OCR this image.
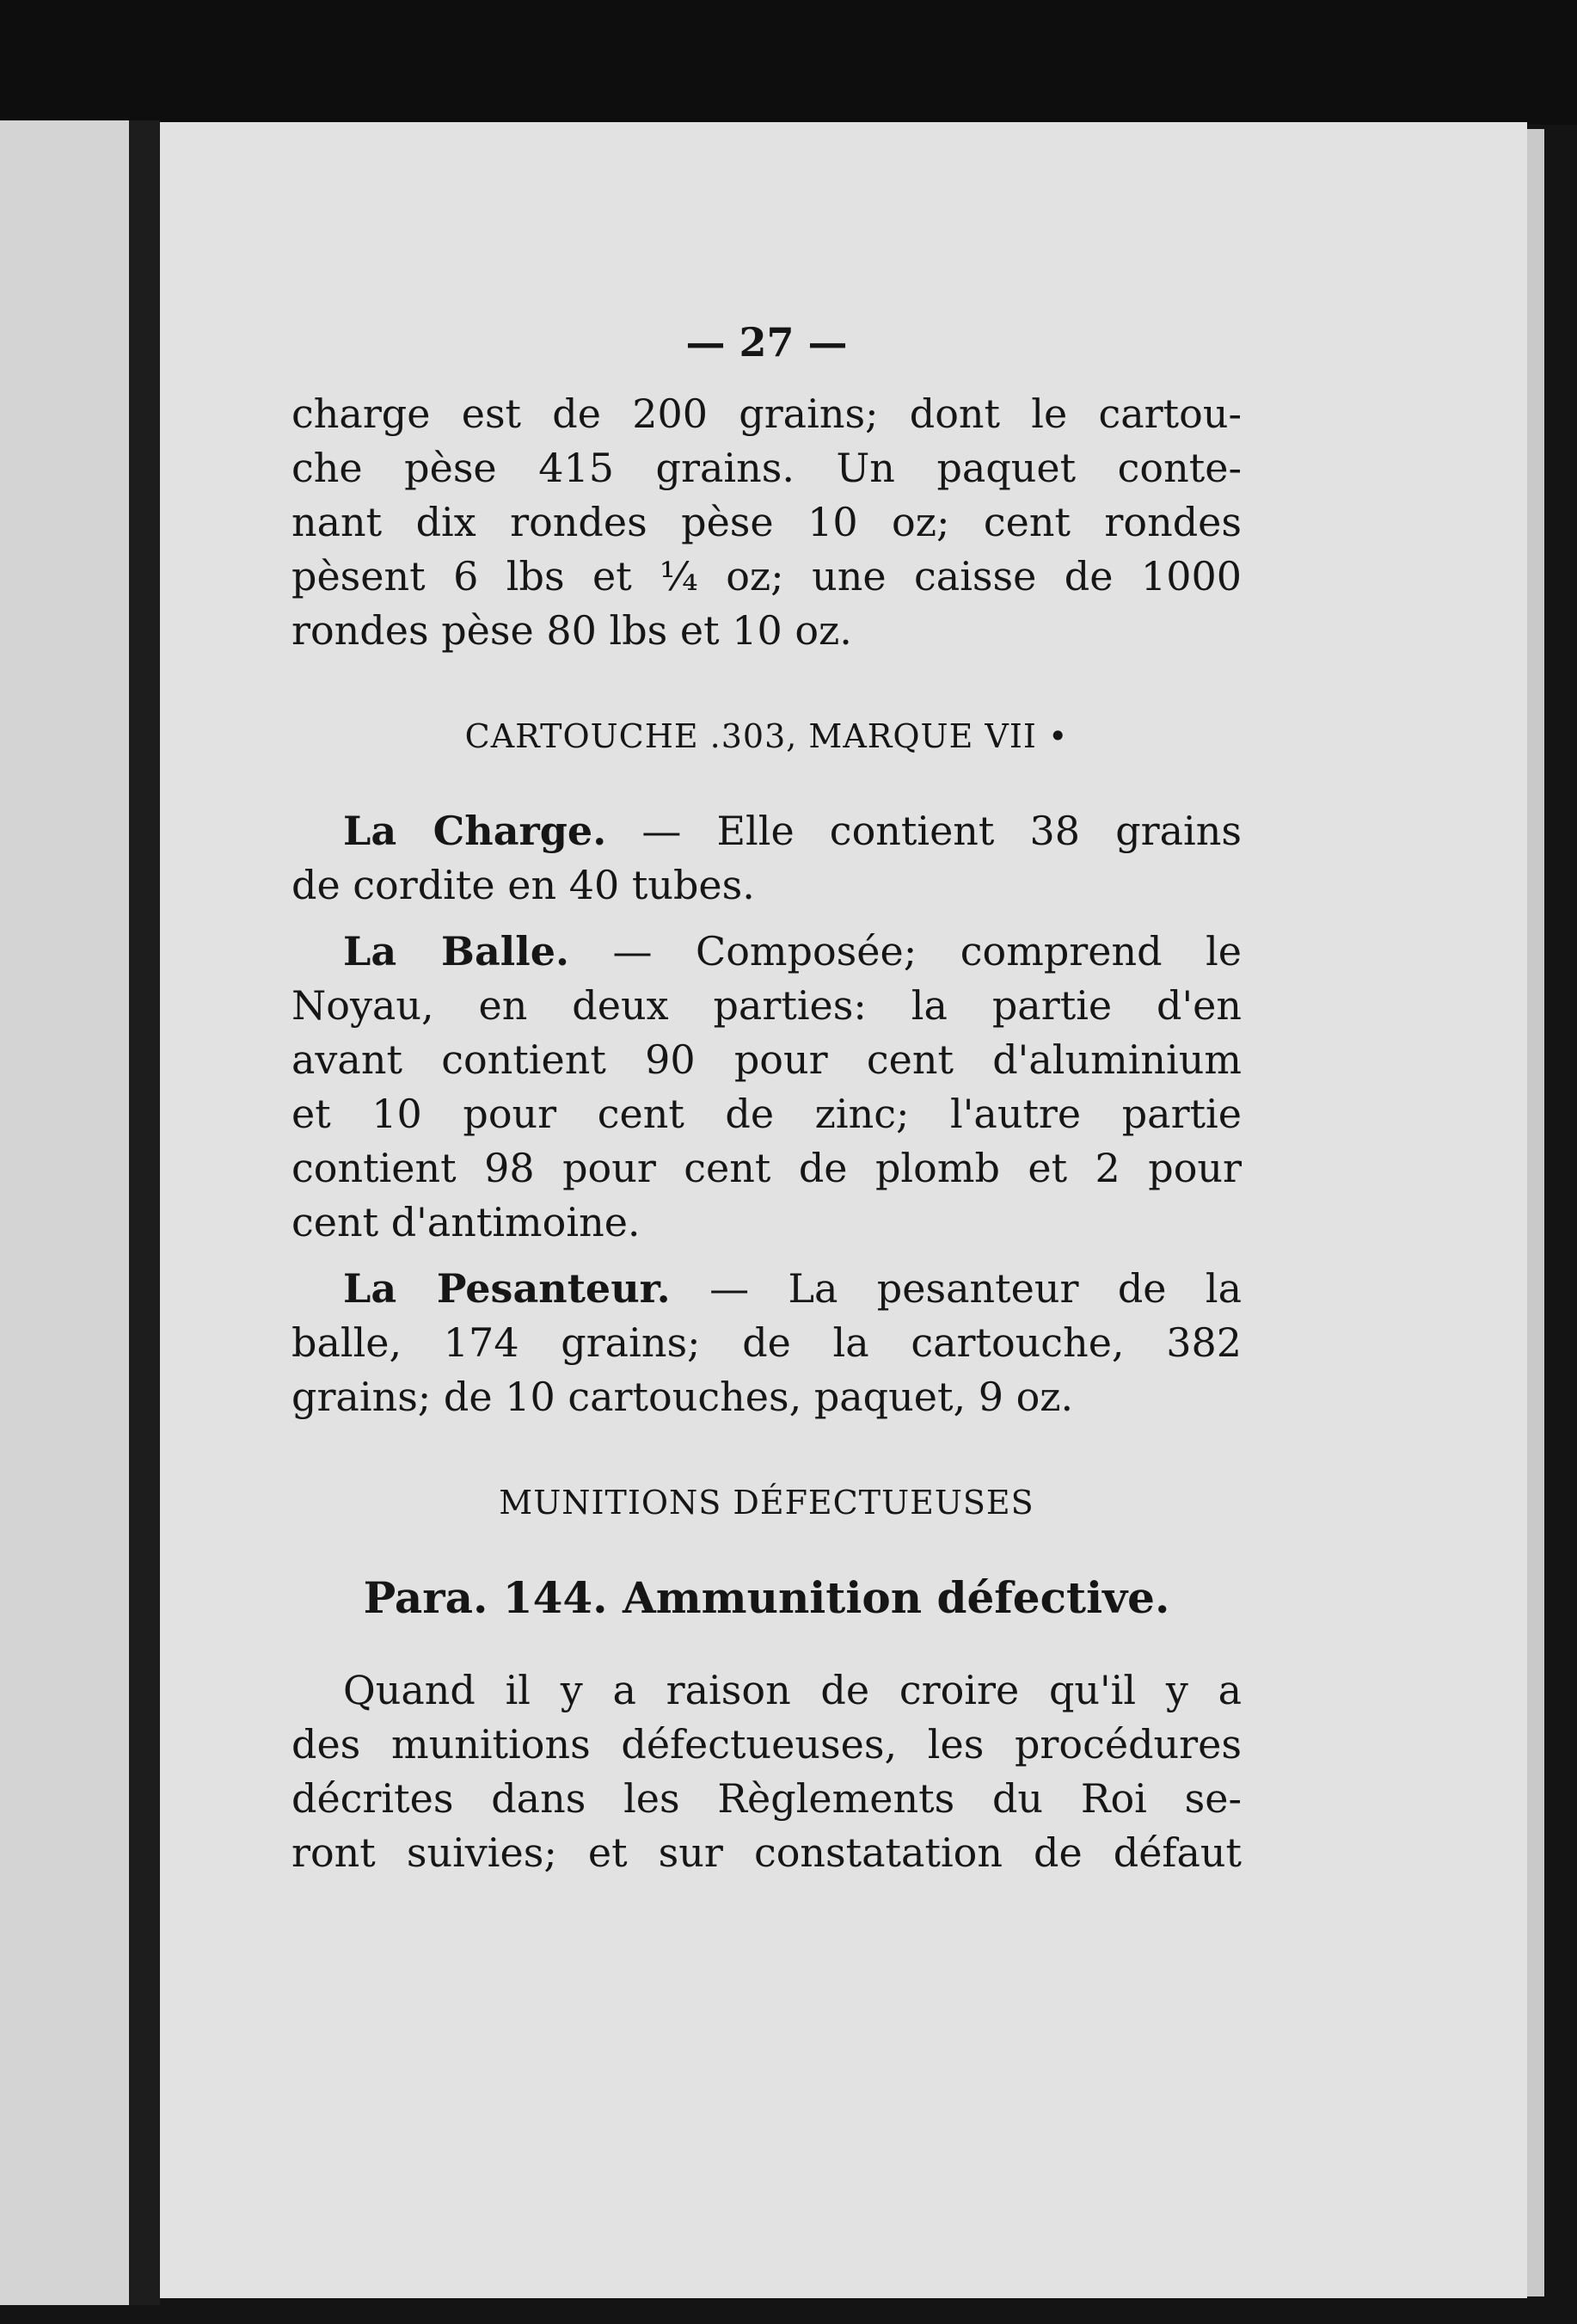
— 27 —
charge est de 200 grains; dont le cartou-
che pèse 415 grains. Un paquet conte-
nant dix rondes pèse 10 oz; cent rondes
pèsent 6 lbs et ¼ oz; une caisse de 1000
rondes pèse 80 lbs et 10 oz.
CARTOUCHE .303, MARQUE VII •
La Charge. — Elle contient 38 grains
de cordite en 40 tubes.
La Balle. — Composée; comprend le
Noyau, en deux parties: la partie d'en
avant contient 90 pour cent d'aluminium
et 10 pour cent de zinc; l'autre partie
contient 98 pour cent de plomb et 2 pour
cent d'antimoine.
La Pesanteur. — La pesanteur de la
balle, 174 grains; de la cartouche, 382
grains; de 10 cartouches, paquet, 9 oz.
MUNITIONS DÉFECTUEUSES
Para. 144. Ammunition défective.
Quand il y a raison de croire qu'il y a
des munitions défectueuses, les procédures
décrites dans les Règlements du Roi se-
ront suivies; et sur constatation de défaut
